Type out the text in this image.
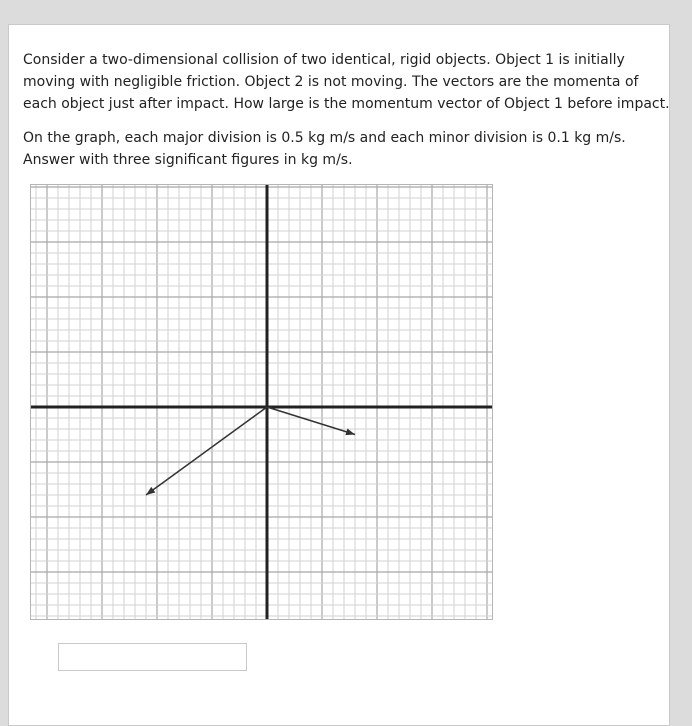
Consider a two-dimensional collision of two identical, rigid objects. Object 1 is initially moving with negligible friction. Object 2 is not moving. The vectors are the momenta of each object just after impact. How large is the momentum vector of Object 1 before impact.

On the graph, each major division is 0.5 kg m/s and each minor division is 0.1 kg m/s. Answer with three significant figures in kg m/s.
